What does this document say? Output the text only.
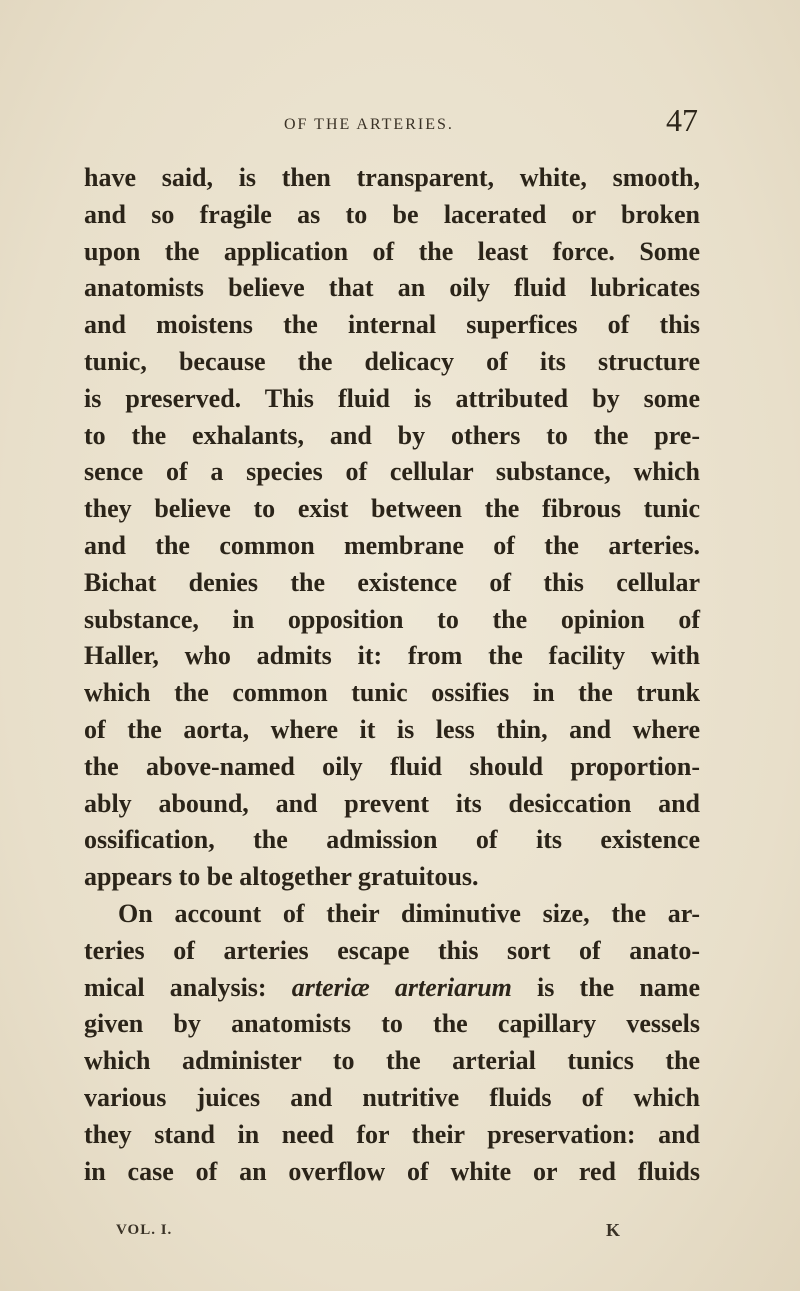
OF THE ARTERIES.	47
have said, is then transparent, white, smooth,
and so fragile as to be lacerated or broken
upon the application of the least force. Some
anatomists believe that an oily fluid lubricates
and moistens the internal superfices of this
tunic, because the delicacy of its structure
is preserved. This fluid is attributed by some
to the exhalants, and by others to the pre-
sence of a species of cellular substance, which
they believe to exist between the fibrous tunic
and the common membrane of the arteries.
Bichat denies the existence of this cellular
substance, in opposition to the opinion of
Haller, who admits it: from the facility with
which the common tunic ossifies in the trunk
of the aorta, where it is less thin, and where
the above-named oily fluid should proportion-
ably abound, and prevent its desiccation and
ossification, the admission of its existence
appears to be altogether gratuitous.
On account of their diminutive size, the ar-
teries of arteries escape this sort of anato-
mical analysis: arteriæ arteriarum is the name
given by anatomists to the capillary vessels
which administer to the arterial tunics the
various juices and nutritive fluids of which
they stand in need for their preservation: and
in case of an overflow of white or red fluids
VOL. I.	K
